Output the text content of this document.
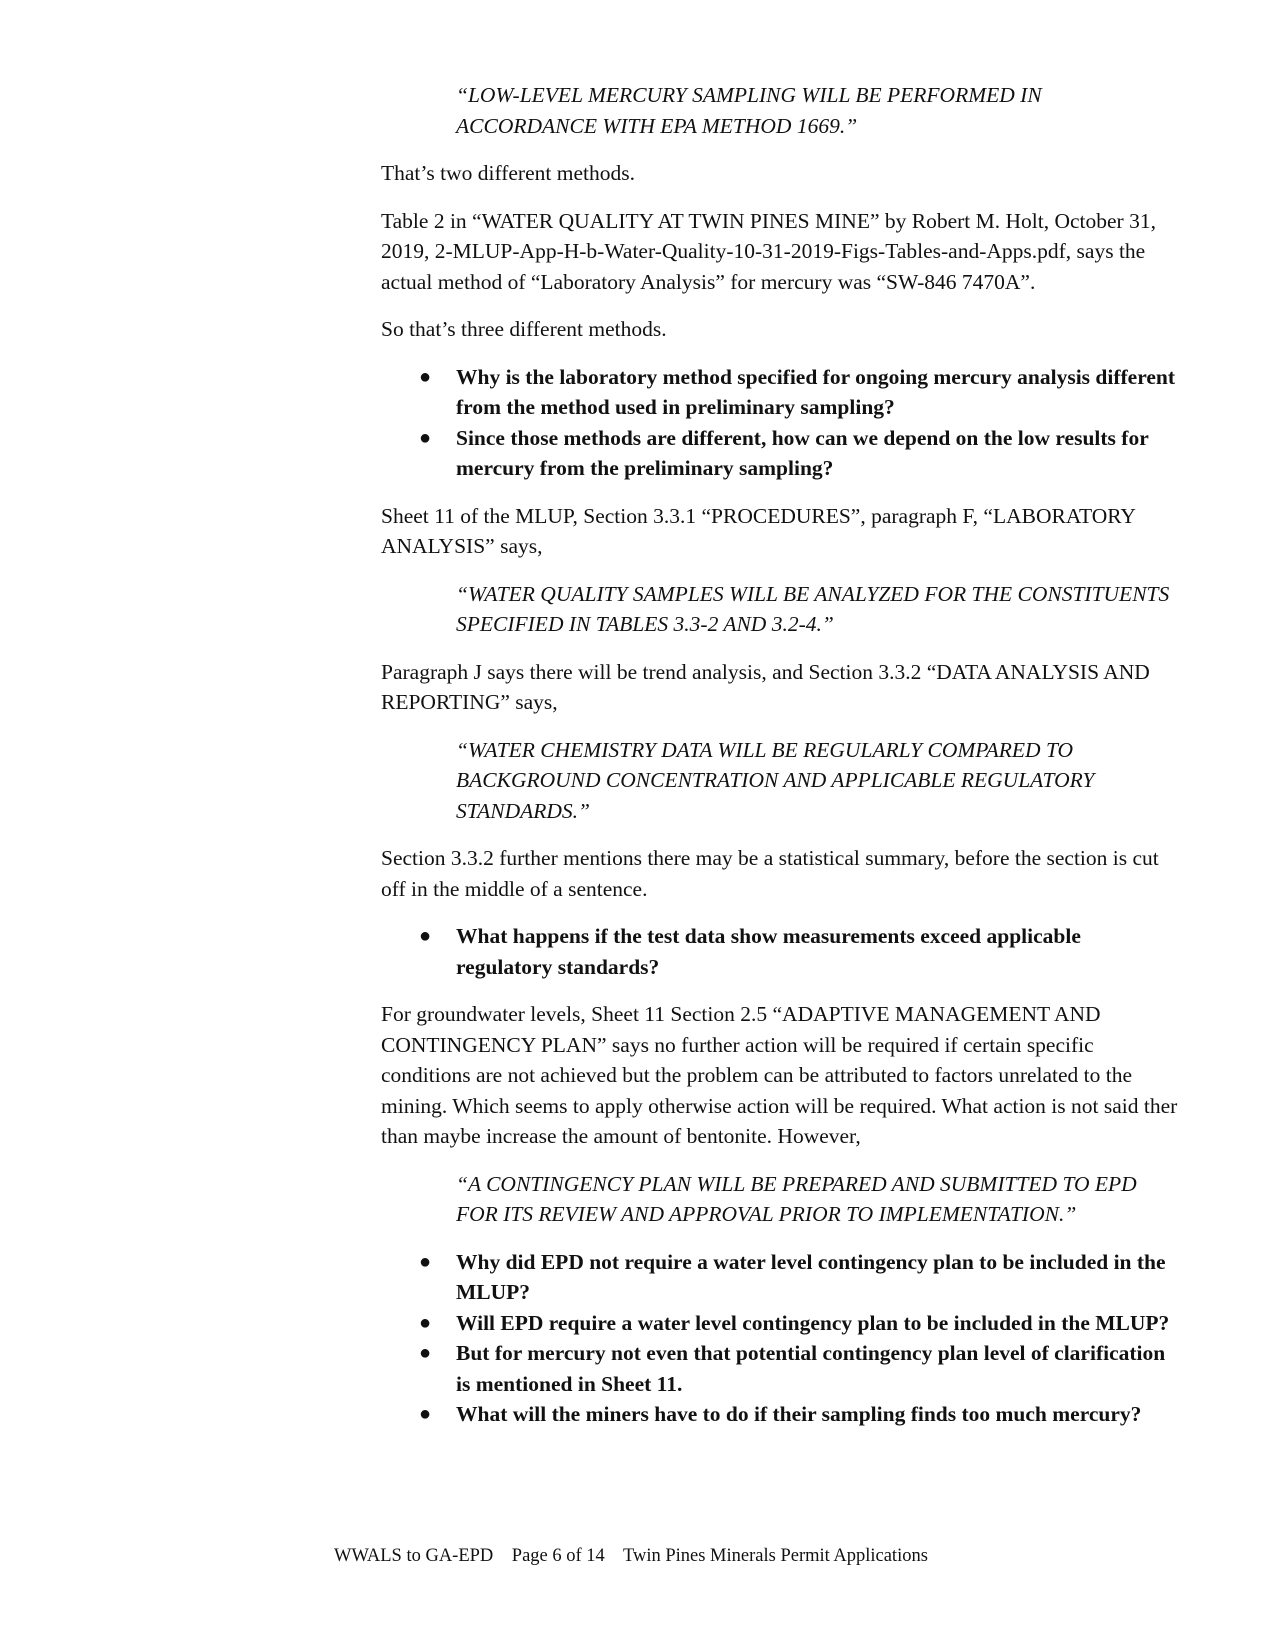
“LOW-LEVEL MERCURY SAMPLING WILL BE PERFORMED IN ACCORDANCE WITH EPA METHOD 1669.”

That’s two different methods.

Table 2 in “WATER QUALITY AT TWIN PINES MINE” by Robert M. Holt, October 31, 2019, 2-MLUP-App-H-b-Water-Quality-10-31-2019-Figs-Tables-and-Apps.pdf, says the actual method of “Laboratory Analysis” for mercury was “SW-846 7470A”.

So that’s three different methods.

● Why is the laboratory method specified for ongoing mercury analysis different from the method used in preliminary sampling?
● Since those methods are different, how can we depend on the low results for mercury from the preliminary sampling?

Sheet 11 of the MLUP, Section 3.3.1 “PROCEDURES”, paragraph F, “LABORATORY ANALYSIS” says,

“WATER QUALITY SAMPLES WILL BE ANALYZED FOR THE CONSTITUENTS SPECIFIED IN TABLES 3.3-2 AND 3.2-4.”

Paragraph J says there will be trend analysis, and Section 3.3.2 “DATA ANALYSIS AND REPORTING” says,

“WATER CHEMISTRY DATA WILL BE REGULARLY COMPARED TO BACKGROUND CONCENTRATION AND APPLICABLE REGULATORY STANDARDS.”

Section 3.3.2 further mentions there may be a statistical summary, before the section is cut off in the middle of a sentence.

● What happens if the test data show measurements exceed applicable regulatory standards?

For groundwater levels, Sheet 11 Section 2.5 “ADAPTIVE MANAGEMENT AND CONTINGENCY PLAN” says no further action will be required if certain specific conditions are not achieved but the problem can be attributed to factors unrelated to the mining. Which seems to apply otherwise action will be required. What action is not said ther than maybe increase the amount of bentonite. However,

“A CONTINGENCY PLAN WILL BE PREPARED AND SUBMITTED TO EPD FOR ITS REVIEW AND APPROVAL PRIOR TO IMPLEMENTATION.”
● Why did EPD not require a water level contingency plan to be included in the MLUP?
● Will EPD require a water level contingency plan to be included in the MLUP?
● But for mercury not even that potential contingency plan level of clarification is mentioned in Sheet 11.
● What will the miners have to do if their sampling finds too much mercury?
WWALS to GA-EPD    Page 6 of 14    Twin Pines Minerals Permit Applications
